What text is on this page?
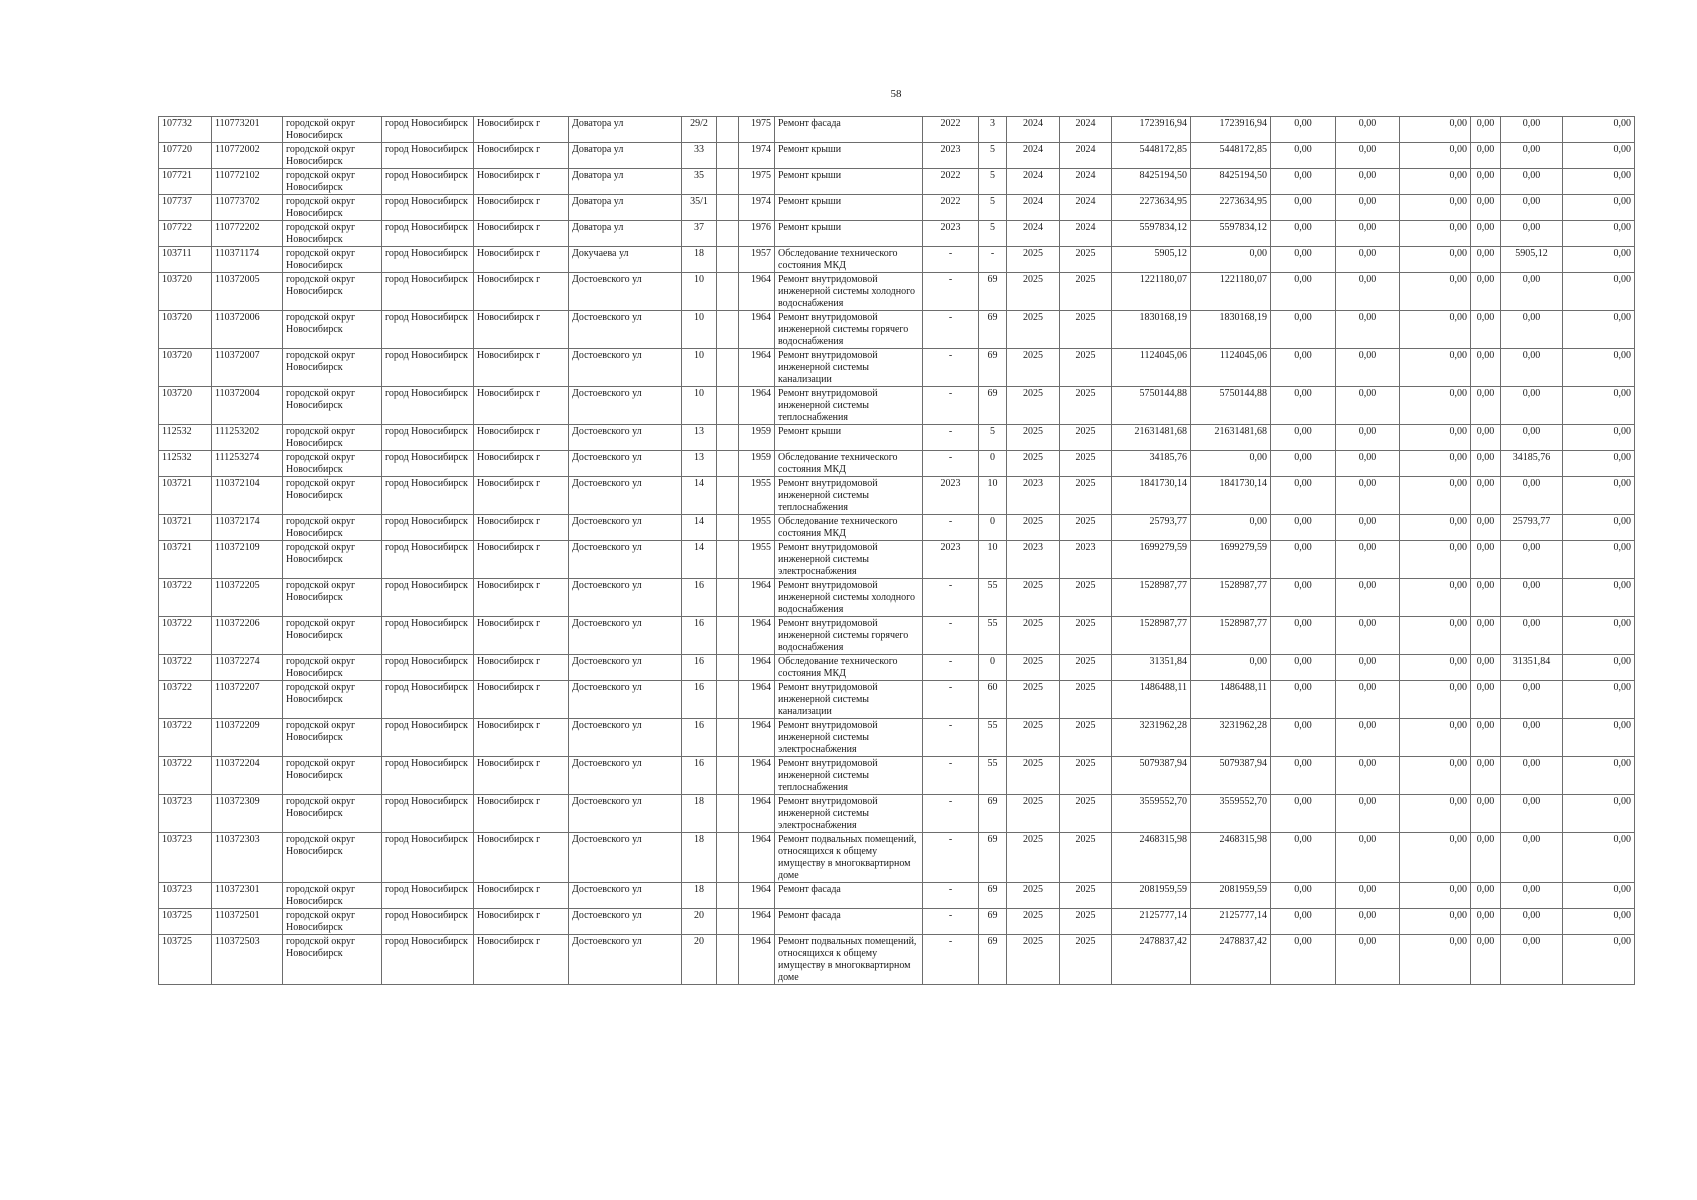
58
107732	110773201	городской округ Новосибирск	город Новосибирск	Новосибирск г	Доватора ул	29/2		1975	Ремонт фасада	2022	3	2024	2024	1723916,94	1723916,94	0,00	0,00	0,00	0,00	0,00	0,00
107720	110772002	городской округ Новосибирск	город Новосибирск	Новосибирск г	Доватора ул	33		1974	Ремонт крыши	2023	5	2024	2024	5448172,85	5448172,85	0,00	0,00	0,00	0,00	0,00	0,00
107721	110772102	городской округ Новосибирск	город Новосибирск	Новосибирск г	Доватора ул	35		1975	Ремонт крыши	2022	5	2024	2024	8425194,50	8425194,50	0,00	0,00	0,00	0,00	0,00	0,00
107737	110773702	городской округ Новосибирск	город Новосибирск	Новосибирск г	Доватора ул	35/1		1974	Ремонт крыши	2022	5	2024	2024	2273634,95	2273634,95	0,00	0,00	0,00	0,00	0,00	0,00
107722	110772202	городской округ Новосибирск	город Новосибирск	Новосибирск г	Доватора ул	37		1976	Ремонт крыши	2023	5	2024	2024	5597834,12	5597834,12	0,00	0,00	0,00	0,00	0,00	0,00
103711	110371174	городской округ Новосибирск	город Новосибирск	Новосибирск г	Докучаева ул	18		1957	Обследование технического состояния МКД	-	-	2025	2025	5905,12	0,00	0,00	0,00	0,00	0,00	5905,12	0,00
103720	110372005	городской округ Новосибирск	город Новосибирск	Новосибирск г	Достоевского ул	10		1964	Ремонт внутридомовой инженерной системы холодного водоснабжения	-	69	2025	2025	1221180,07	1221180,07	0,00	0,00	0,00	0,00	0,00	0,00
103720	110372006	городской округ Новосибирск	город Новосибирск	Новосибирск г	Достоевского ул	10		1964	Ремонт внутридомовой инженерной системы горячего водоснабжения	-	69	2025	2025	1830168,19	1830168,19	0,00	0,00	0,00	0,00	0,00	0,00
103720	110372007	городской округ Новосибирск	город Новосибирск	Новосибирск г	Достоевского ул	10		1964	Ремонт внутридомовой инженерной системы канализации	-	69	2025	2025	1124045,06	1124045,06	0,00	0,00	0,00	0,00	0,00	0,00
103720	110372004	городской округ Новосибирск	город Новосибирск	Новосибирск г	Достоевского ул	10		1964	Ремонт внутридомовой инженерной системы теплоснабжения	-	69	2025	2025	5750144,88	5750144,88	0,00	0,00	0,00	0,00	0,00	0,00
112532	111253202	городской округ Новосибирск	город Новосибирск	Новосибирск г	Достоевского ул	13		1959	Ремонт крыши	-	5	2025	2025	21631481,68	21631481,68	0,00	0,00	0,00	0,00	0,00	0,00
112532	111253274	городской округ Новосибирск	город Новосибирск	Новосибирск г	Достоевского ул	13		1959	Обследование технического состояния МКД	-	0	2025	2025	34185,76	0,00	0,00	0,00	0,00	0,00	34185,76	0,00
103721	110372104	городской округ Новосибирск	город Новосибирск	Новосибирск г	Достоевского ул	14		1955	Ремонт внутридомовой инженерной системы теплоснабжения	2023	10	2023	2025	1841730,14	1841730,14	0,00	0,00	0,00	0,00	0,00	0,00
103721	110372174	городской округ Новосибирск	город Новосибирск	Новосибирск г	Достоевского ул	14		1955	Обследование технического состояния МКД	-	0	2025	2025	25793,77	0,00	0,00	0,00	0,00	0,00	25793,77	0,00
103721	110372109	городской округ Новосибирск	город Новосибирск	Новосибирск г	Достоевского ул	14		1955	Ремонт внутридомовой инженерной системы электроснабжения	2023	10	2023	2023	1699279,59	1699279,59	0,00	0,00	0,00	0,00	0,00	0,00
103722	110372205	городской округ Новосибирск	город Новосибирск	Новосибирск г	Достоевского ул	16		1964	Ремонт внутридомовой инженерной системы холодного водоснабжения	-	55	2025	2025	1528987,77	1528987,77	0,00	0,00	0,00	0,00	0,00	0,00
103722	110372206	городской округ Новосибирск	город Новосибирск	Новосибирск г	Достоевского ул	16		1964	Ремонт внутридомовой инженерной системы горячего водоснабжения	-	55	2025	2025	1528987,77	1528987,77	0,00	0,00	0,00	0,00	0,00	0,00
103722	110372274	городской округ Новосибирск	город Новосибирск	Новосибирск г	Достоевского ул	16		1964	Обследование технического состояния МКД	-	0	2025	2025	31351,84	0,00	0,00	0,00	0,00	0,00	31351,84	0,00
103722	110372207	городской округ Новосибирск	город Новосибирск	Новосибирск г	Достоевского ул	16		1964	Ремонт внутридомовой инженерной системы канализации	-	60	2025	2025	1486488,11	1486488,11	0,00	0,00	0,00	0,00	0,00	0,00
103722	110372209	городской округ Новосибирск	город Новосибирск	Новосибирск г	Достоевского ул	16		1964	Ремонт внутридомовой инженерной системы электроснабжения	-	55	2025	2025	3231962,28	3231962,28	0,00	0,00	0,00	0,00	0,00	0,00
103722	110372204	городской округ Новосибирск	город Новосибирск	Новосибирск г	Достоевского ул	16		1964	Ремонт внутридомовой инженерной системы теплоснабжения	-	55	2025	2025	5079387,94	5079387,94	0,00	0,00	0,00	0,00	0,00	0,00
103723	110372309	городской округ Новосибирск	город Новосибирск	Новосибирск г	Достоевского ул	18		1964	Ремонт внутридомовой инженерной системы электроснабжения	-	69	2025	2025	3559552,70	3559552,70	0,00	0,00	0,00	0,00	0,00	0,00
103723	110372303	городской округ Новосибирск	город Новосибирск	Новосибирск г	Достоевского ул	18		1964	Ремонт подвальных помещений, относящихся к общему имуществу в многоквартирном доме	-	69	2025	2025	2468315,98	2468315,98	0,00	0,00	0,00	0,00	0,00	0,00
103723	110372301	городской округ Новосибирск	город Новосибирск	Новосибирск г	Достоевского ул	18		1964	Ремонт фасада	-	69	2025	2025	2081959,59	2081959,59	0,00	0,00	0,00	0,00	0,00	0,00
103725	110372501	городской округ Новосибирск	город Новосибирск	Новосибирск г	Достоевского ул	20		1964	Ремонт фасада	-	69	2025	2025	2125777,14	2125777,14	0,00	0,00	0,00	0,00	0,00	0,00
103725	110372503	городской округ Новосибирск	город Новосибирск	Новосибирск г	Достоевского ул	20		1964	Ремонт подвальных помещений, относящихся к общему имуществу в многоквартирном доме	-	69	2025	2025	2478837,42	2478837,42	0,00	0,00	0,00	0,00	0,00	0,00
